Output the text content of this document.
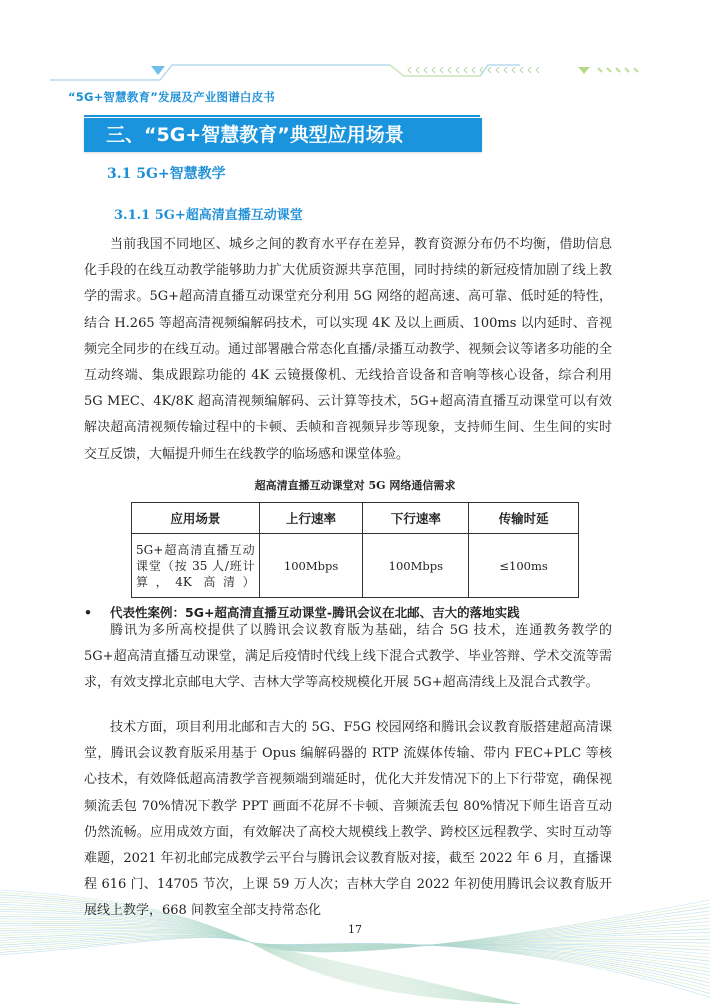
“5G+智慧教育”发展及产业图谱白皮书
三、“5G+智慧教育”典型应用场景
3.1 5G+智慧教学
3.1.1 5G+超高清直播互动课堂

当前我国不同地区、城乡之间的教育水平存在差异，教育资源分布仍不均衡，借助信息化手段的在线互动教学能够助力扩大优质资源共享范围，同时持续的新冠疫情加剧了线上教学的需求。5G+超高清直播互动课堂充分利用 5G 网络的超高速、高可靠、低时延的特性，结合 H.265 等超高清视频编解码技术，可以实现 4K 及以上画质、100ms 以内延时、音视频完全同步的在线互动。通过部署融合常态化直播/录播互动教学、视频会议等诸多功能的全互动终端、集成跟踪功能的 4K 云镜摄像机、无线拾音设备和音响等核心设备，综合利用 5G MEC、4K/8K 超高清视频编解码、云计算等技术，5G+超高清直播互动课堂可以有效解决超高清视频传输过程中的卡顿、丢帧和音视频异步等现象，支持师生间、生生间的实时交互反馈，大幅提升师生在线教学的临场感和课堂体验。

超高清直播互动课堂对 5G 网络通信需求
应用场景	上行速率	下行速率	传输时延
5G+超高清直播互动课堂（按 35 人/班计算，4K 高清）	100Mbps	100Mbps	≤100ms
• 代表性案例：5G+超高清直播互动课堂-腾讯会议在北邮、吉大的落地实践

腾讯为多所高校提供了以腾讯会议教育版为基础，结合 5G 技术，连通教务教学的 5G+超高清直播互动课堂，满足后疫情时代线上线下混合式教学、毕业答辩、学术交流等需求，有效支撑北京邮电大学、吉林大学等高校规模化开展 5G+超高清线上及混合式教学。

技术方面，项目利用北邮和吉大的 5G、F5G 校园网络和腾讯会议教育版搭建超高清课堂，腾讯会议教育版采用基于 Opus 编解码器的 RTP 流媒体传输、带内 FEC+PLC 等核心技术，有效降低超高清教学音视频端到端延时，优化大并发情况下的上下行带宽，确保视频流丢包 70%情况下教学 PPT 画面不花屏不卡顿、音频流丢包 80%情况下师生语音互动仍然流畅。应用成效方面，有效解决了高校大规模线上教学、跨校区远程教学、实时互动等难题，2021 年初北邮完成教学云平台与腾讯会议教育版对接，截至 2022 年 6 月，直播课程 616 门、14705 节次，上课 59 万人次；吉林大学自 2022 年初使用腾讯会议教育版开展线上教学，668 间教室全部支持常态化

17
